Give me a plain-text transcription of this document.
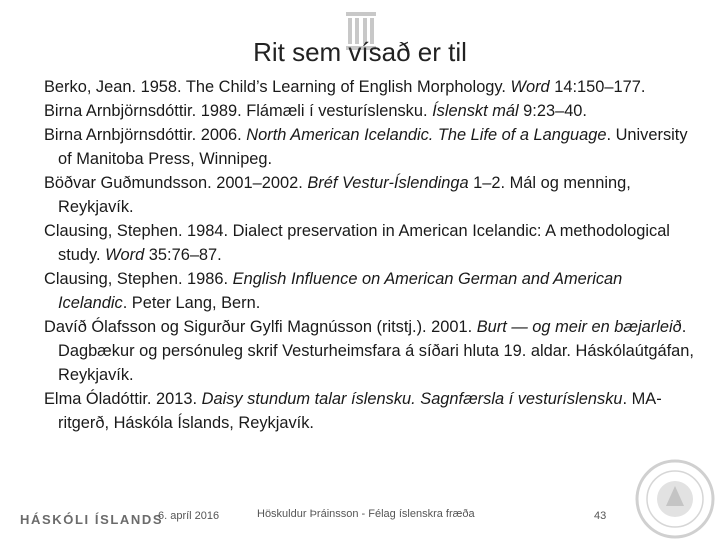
Rit sem vísað er til

Berko, Jean. 1958. The Child’s Learning of English Morphology. Word 14:150–177.

Birna Arnbjörnsdóttir. 1989. Flámæli í vesturíslensku. Íslenskt mál 9:23–40.

Birna Arnbjörnsdóttir. 2006. North American Icelandic. The Life of a Language. University of Manitoba Press, Winnipeg.

Böðvar Guðmundsson. 2001–2002. Bréf Vestur-Íslendinga 1–2. Mál og menning, Reykjavík.

Clausing, Stephen. 1984. Dialect preservation in American Icelandic: A methodological study. Word 35:76–87.

Clausing, Stephen. 1986. English Influence on American German and American Icelandic. Peter Lang, Bern.

Davíð Ólafsson og Sigurður Gylfi Magnússon (ritstj.). 2001. Burt — og meir en bæjarleið. Dagbækur og persónuleg skrif Vesturheimsfara á síðari hluta 19. aldar. Háskólaútgáfan, Reykjavík.

Elma Óladóttir. 2013. Daisy stundum talar íslensku. Sagnfærsla í vesturíslensku. MA-ritgerð, Háskóla Íslands, Reykjavík.

HÁSKÓLI ÍSLANDS
6. apríl 2016	Höskuldur Þráinsson - Félag íslenskra fræða	43
